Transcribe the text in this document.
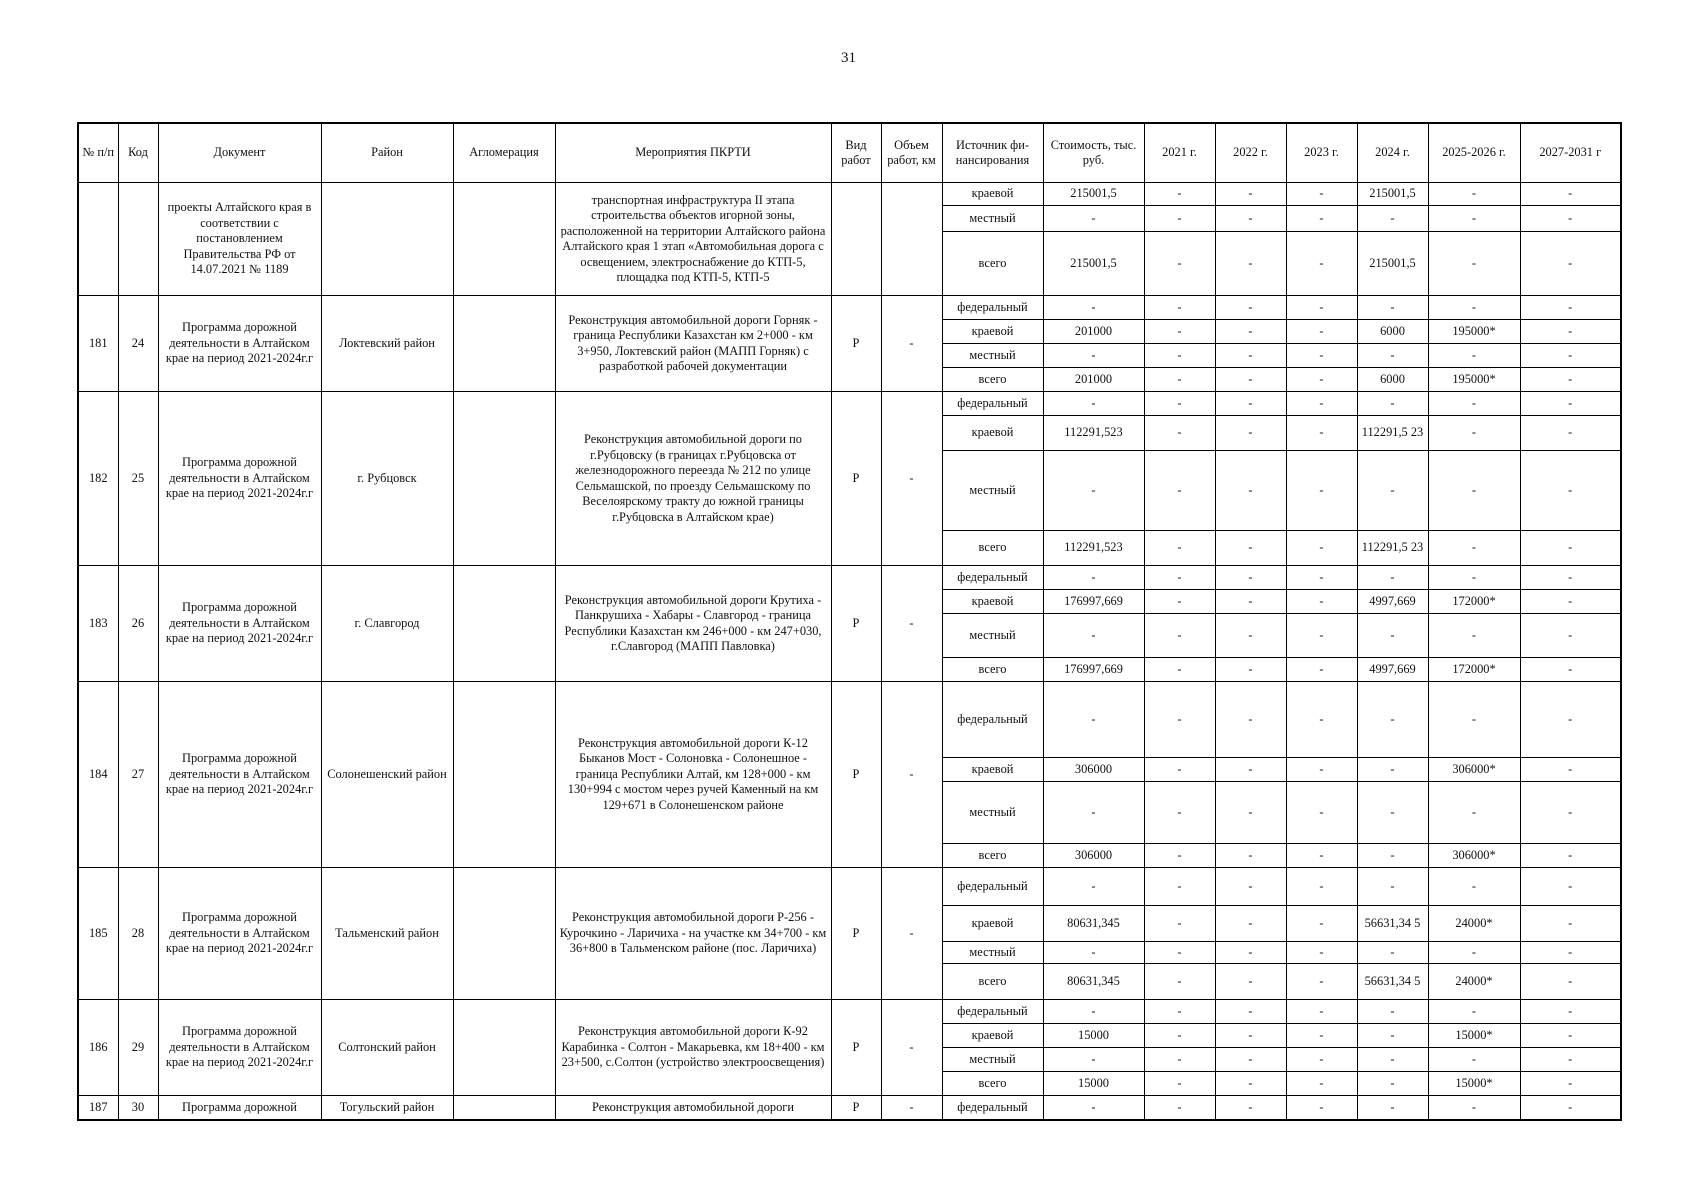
31
№ п/п	Код	Документ	Район	Агломерация	Мероприятия ПКРТИ	Вид работ	Объем работ, км	Источник фи-нансирования	Стоимость, тыс. руб.	2021 г.	2022 г.	2023 г.	2024 г.	2025-2026 г.	2027-2031 г
		проекты Алтайского края в соответствии с постановлением Правительства РФ от 14.07.2021 № 1189			транспортная инфраструктура II этапа строительства объектов игорной зоны, расположенной на территории Алтайского района Алтайского края 1 этап «Автомобильная дорога с освещением, электроснабжение до КТП-5, площадка под КТП-5, КТП-5			краевой	215001,5	-	-	-	215001,5	-	-
								местный	-	-	-	-	-	-	-
								всего	215001,5	-	-	-	215001,5	-	-
181	24	Программа дорожной деятельности в Алтайском крае на период 2021-2024г.г	Локтевский район		Реконструкция автомобильной дороги Горняк - граница Республики Казахстан км 2+000 - км 3+950, Локтевский район (МАПП Горняк) с разработкой рабочей документации	Р	-	федеральный	-	-	-	-	-	-	-
								краевой	201000	-	-	-	6000	195000*	-
								местный	-	-	-	-	-	-	-
								всего	201000	-	-	-	6000	195000*	-
182	25	Программа дорожной деятельности в Алтайском крае на период 2021-2024г.г	г. Рубцовск		Реконструкция автомобильной дороги по г.Рубцовску (в границах г.Рубцовска от железнодорожного переезда № 212 по улице Сельмашской, по проезду Сельмашскому по Веселоярскому тракту до южной границы г.Рубцовска в Алтайском крае)	Р	-	федеральный	-	-	-	-	-	-	-
								краевой	112291,523	-	-	-	112291,5 23	-	-
								местный	-	-	-	-	-	-	-
								всего	112291,523	-	-	-	112291,5 23	-	-
183	26	Программа дорожной деятельности в Алтайском крае на период 2021-2024г.г	г. Славгород		Реконструкция автомобильной дороги Крутиха - Панкрушиха - Хабары - Славгород - граница Республики Казахстан км 246+000 - км 247+030, г.Славгород (МАПП Павловка)	Р	-	федеральный	-	-	-	-	-	-	-
								краевой	176997,669	-	-	-	4997,669	172000*	-
								местный	-	-	-	-	-	-	-
								всего	176997,669	-	-	-	4997,669	172000*	-
184	27	Программа дорожной деятельности в Алтайском крае на период 2021-2024г.г	Солонешенский район		Реконструкция автомобильной дороги К-12 Быканов Мост - Солоновка - Солонешное - граница Республики Алтай, км 128+000 - км 130+994 с мостом через ручей Каменный на км 129+671 в Солонешенском районе	Р	-	федеральный	-	-	-	-	-	-	-
								краевой	306000	-	-	-	-	306000*	-
								местный	-	-	-	-	-	-	-
								всего	306000	-	-	-	-	306000*	-
185	28	Программа дорожной деятельности в Алтайском крае на период 2021-2024г.г	Тальменский район		Реконструкция автомобильной дороги Р-256 - Курочкино - Ларичиха - на участке км 34+700 - км 36+800 в Тальменском районе (пос. Ларичиха)	Р	-	федеральный	-	-	-	-	-	-	-
								краевой	80631,345	-	-	-	56631,34 5	24000*	-
								местный	-	-	-	-	-	-	-
								всего	80631,345	-	-	-	56631,34 5	24000*	-
186	29	Программа дорожной деятельности в Алтайском крае на период 2021-2024г.г	Солтонский район		Реконструкция автомобильной дороги К-92 Карабинка - Солтон - Макарьевка, км 18+400 - км 23+500, с.Солтон (устройство электроосвещения)	Р	-	федеральный	-	-	-	-	-	-	-
								краевой	15000	-	-	-	-	15000*	-
								местный	-	-	-	-	-	-	-
								всего	15000	-	-	-	-	15000*	-
187	30	Программа дорожной	Тогульский район		Реконструкция автомобильной дороги	Р	-	федеральный	-	-	-	-	-	-	-
